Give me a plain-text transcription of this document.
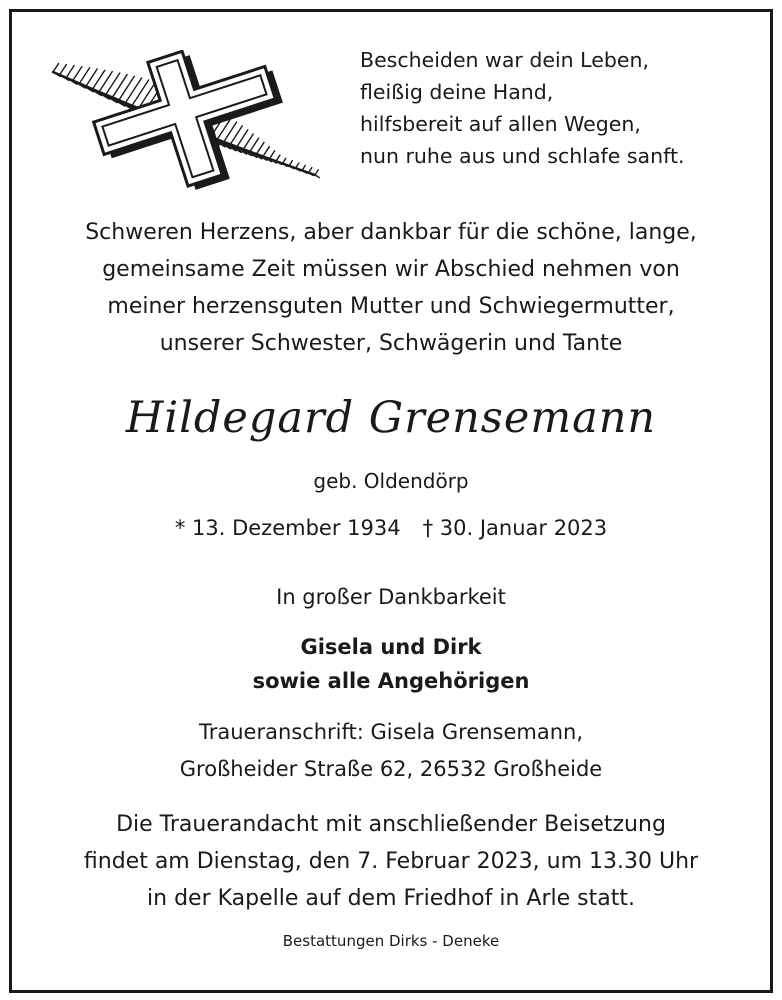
Bescheiden war dein Leben,
fleißig deine Hand,
hilfsbereit auf allen Wegen,
nun ruhe aus und schlafe sanft.
Schweren Herzens, aber dankbar für die schöne, lange,
gemeinsame Zeit müssen wir Abschied nehmen von
meiner herzensguten Mutter und Schwiegermutter,
unserer Schwester, Schwägerin und Tante
Hildegard Grensemann
geb. Oldendörp
* 13. Dezember 1934 † 30. Januar 2023
In großer Dankbarkeit
Gisela und Dirk
sowie alle Angehörigen
Traueranschrift: Gisela Grensemann,
Großheider Straße 62, 26532 Großheide
Die Trauerandacht mit anschließender Beisetzung
findet am Dienstag, den 7. Februar 2023, um 13.30 Uhr
in der Kapelle auf dem Friedhof in Arle statt.
Bestattungen Dirks - Deneke
